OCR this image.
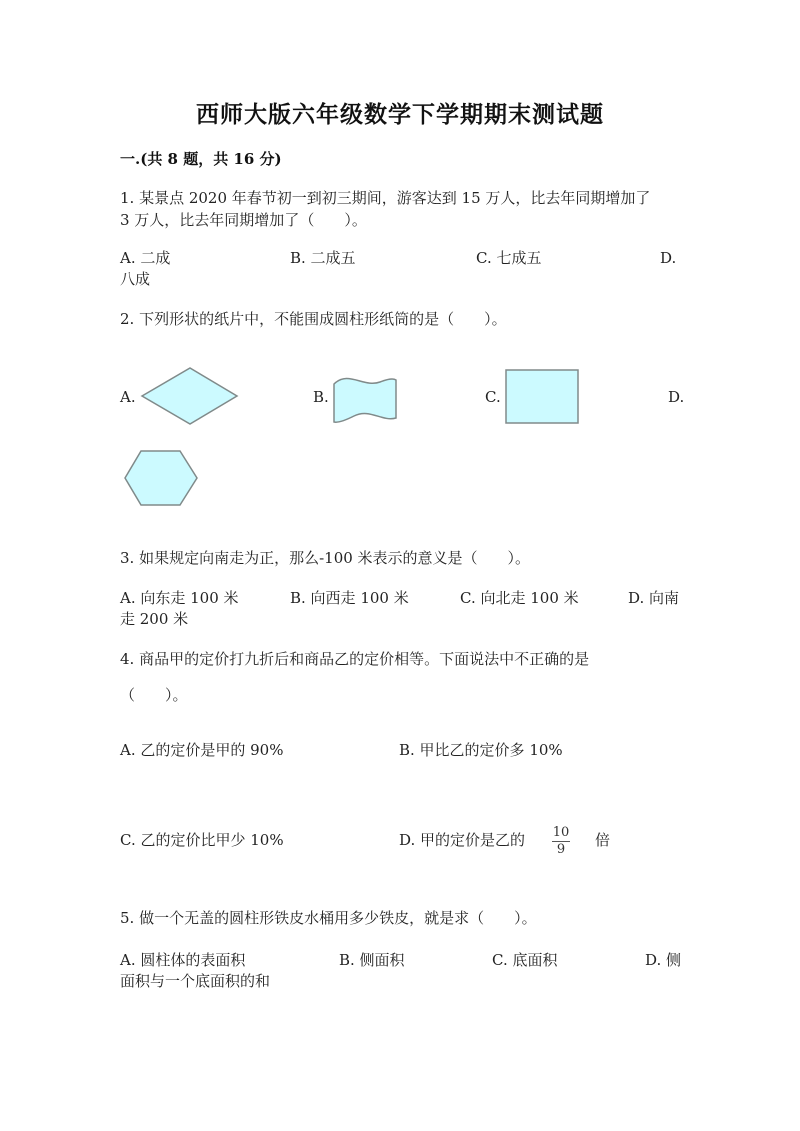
西师大版六年级数学下学期期末测试题
一.(共 8 题，共 16 分)
1. 某景点 2020 年春节初一到初三期间，游客达到 15 万人，比去年同期增加了
3 万人，比去年同期增加了（　　）。
A. 二成	B. 二成五	C. 七成五	D.
八成
2. 下列形状的纸片中，不能围成圆柱形纸筒的是（　　）。
A.	B.	C.	D.
3. 如果规定向南走为正，那么-100 米表示的意义是（　　）。
A. 向东走 100 米	B. 向西走 100 米	C. 向北走 100 米	D. 向南
走 200 米
4. 商品甲的定价打九折后和商品乙的定价相等。下面说法中不正确的是
（　　）。
A. 乙的定价是甲的 90%	B. 甲比乙的定价多 10%
C. 乙的定价比甲少 10%	D. 甲的定价是乙的 10
9
倍
5. 做一个无盖的圆柱形铁皮水桶用多少铁皮，就是求（　　）。
A. 圆柱体的表面积	B. 侧面积	C. 底面积	D. 侧
面积与一个底面积的和
